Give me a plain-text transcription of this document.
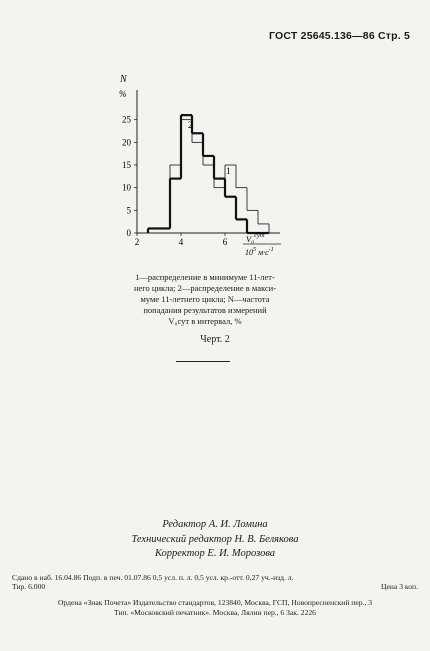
ГОСТ 25645.136—86 Стр. 5
0
5
10
15
20
25
2	4	6
N
%
1
2
V₀$^{сут}$
$10^5$ $м\cdot с^{-1}$
1—распределение в минимуме 11-лет-
него цикла; 2—распределение в макси-
муме 11-летнего цикла; N—частота
попадания результатов измерений
V₀сут в интервал, %
Черт. 2
Редактор А. И. Ломина
Технический редактор Н. В. Белякова
Корректор Е. И. Морозова
Сдано в наб. 16.04.86 Подп. в печ. 01.07.86 0,5 усл. п. л. 0,5 усл. кр.-отт. 0,27 уч.-изд. л.
Тир. 6.000	Цена 3 коп.
Ордена «Знак Почета» Издательство стандартов, 123840, Москва, ГСП, Новопресненский пер., 3
Тип. «Московский печатник». Москва, Лялин пер., 6 Зак. 2226
